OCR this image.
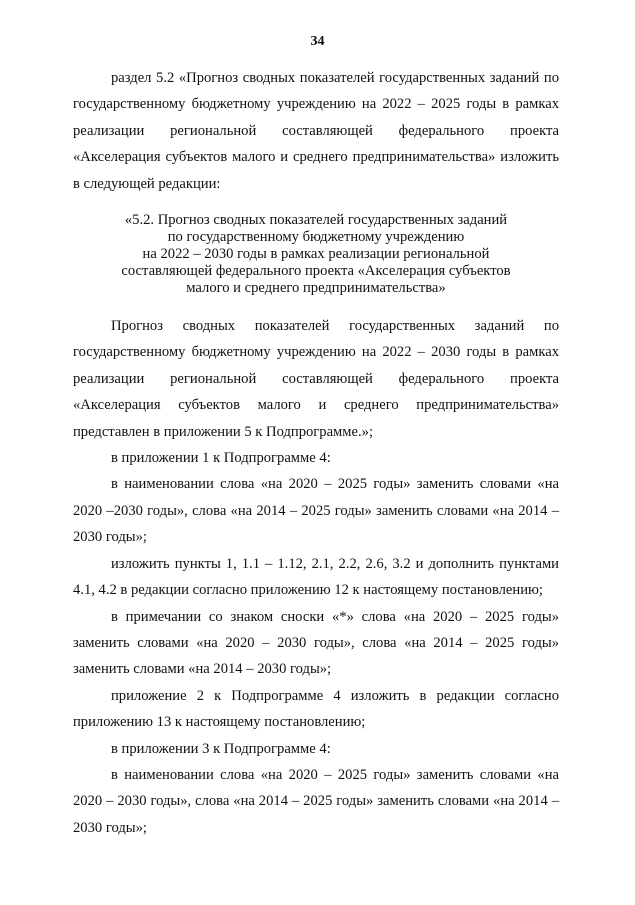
34

раздел 5.2 «Прогноз сводных показателей государственных заданий по государственному бюджетному учреждению на 2022 – 2025 годы в рамках реализации региональной составляющей федерального проекта «Акселерация субъектов малого и среднего предпринимательства» изложить в следующей редакции:

«5.2. Прогноз сводных показателей государственных заданий
по государственному бюджетному учреждению
на 2022 – 2030 годы в рамках реализации региональной
составляющей федерального проекта «Акселерация субъектов
малого и среднего предпринимательства»

Прогноз сводных показателей государственных заданий по государственному бюджетному учреждению на 2022 – 2030 годы в рамках реализации региональной составляющей федерального проекта «Акселерация субъектов малого и среднего предпринимательства» представлен в приложении 5 к Подпрограмме.»;

в приложении 1 к Подпрограмме 4:

в наименовании слова «на 2020 – 2025 годы» заменить словами «на 2020 –2030 годы», слова «на 2014 – 2025 годы» заменить словами «на 2014 – 2030 годы»;

изложить пункты 1, 1.1 – 1.12, 2.1, 2.2, 2.6, 3.2 и дополнить пунктами 4.1, 4.2 в редакции согласно приложению 12 к настоящему постановлению;

в примечании со знаком сноски «*» слова «на 2020 – 2025 годы» заменить словами «на 2020 – 2030 годы», слова «на 2014 – 2025 годы» заменить словами «на 2014 – 2030 годы»;

приложение 2 к Подпрограмме 4 изложить в редакции согласно приложению 13 к настоящему постановлению;

в приложении 3 к Подпрограмме 4:

в наименовании слова «на 2020 – 2025 годы» заменить словами «на 2020 – 2030 годы», слова «на 2014 – 2025 годы» заменить словами «на 2014 – 2030 годы»;
